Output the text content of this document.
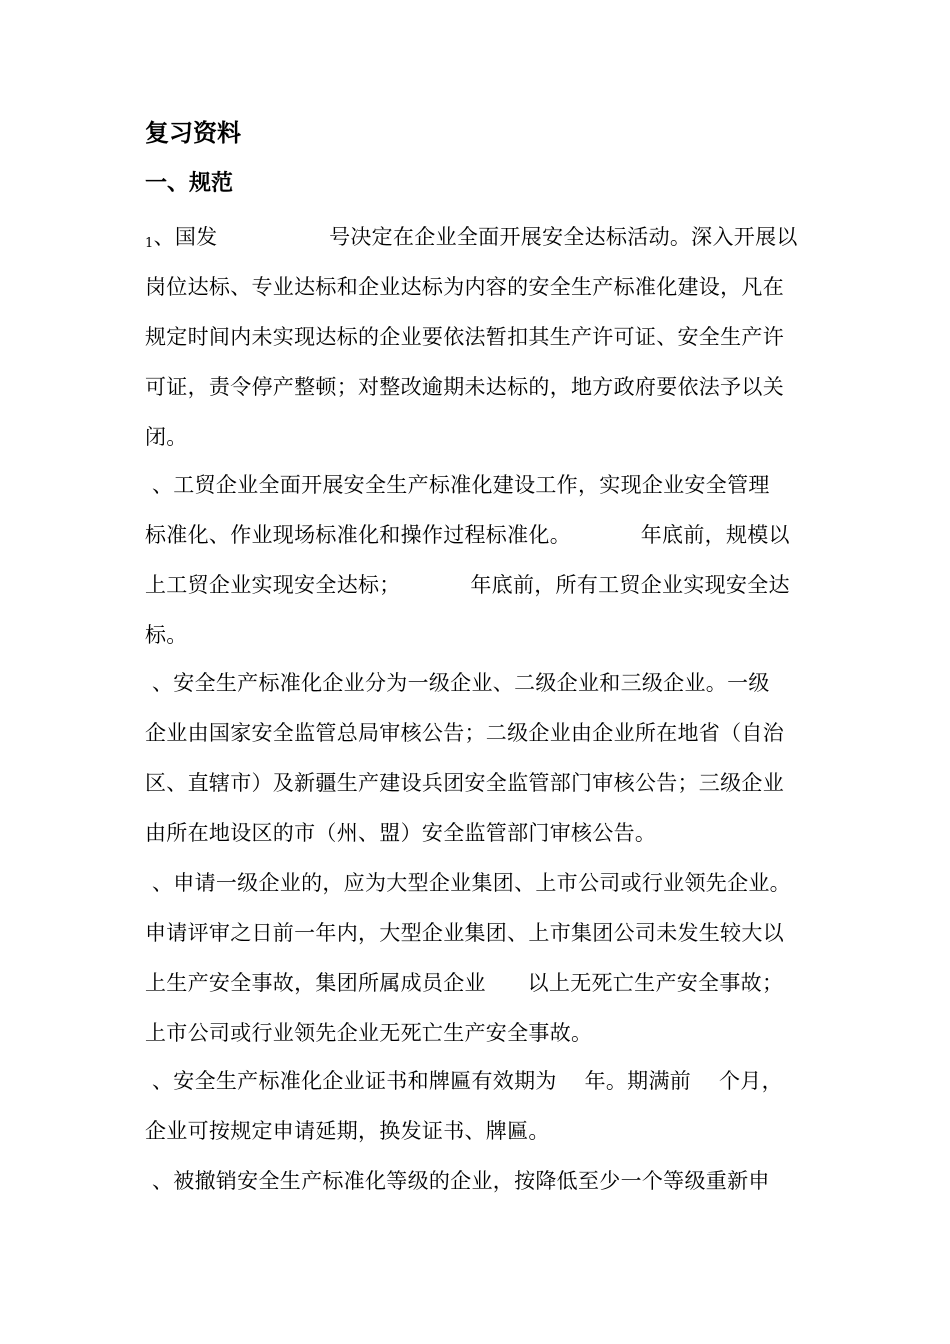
复习资料
一、规范
1、国发                号决定在企业全面开展安全达标活动。深入开展以
岗位达标、专业达标和企业达标为内容的安全生产标准化建设，凡在
规定时间内未实现达标的企业要依法暂扣其生产许可证、安全生产许
可证，责令停产整顿；对整改逾期未达标的，地方政府要依法予以关
闭。
、工贸企业全面开展安全生产标准化建设工作，实现企业安全管理
标准化、作业现场标准化和操作过程标准化。          年底前，规模以
上工贸企业实现安全达标；          年底前，所有工贸企业实现安全达
标。
、安全生产标准化企业分为一级企业、二级企业和三级企业。一级
企业由国家安全监管总局审核公告；二级企业由企业所在地省（自治
区、直辖市）及新疆生产建设兵团安全监管部门审核公告；三级企业
由所在地设区的市（州、盟）安全监管部门审核公告。
、申请一级企业的，应为大型企业集团、上市公司或行业领先企业。
申请评审之日前一年内，大型企业集团、上市集团公司未发生较大以
上生产安全事故，集团所属成员企业      以上无死亡生产安全事故；
上市公司或行业领先企业无死亡生产安全事故。
、安全生产标准化企业证书和牌匾有效期为    年。期满前    个月，
企业可按规定申请延期，换发证书、牌匾。
、被撤销安全生产标准化等级的企业，按降低至少一个等级重新申
